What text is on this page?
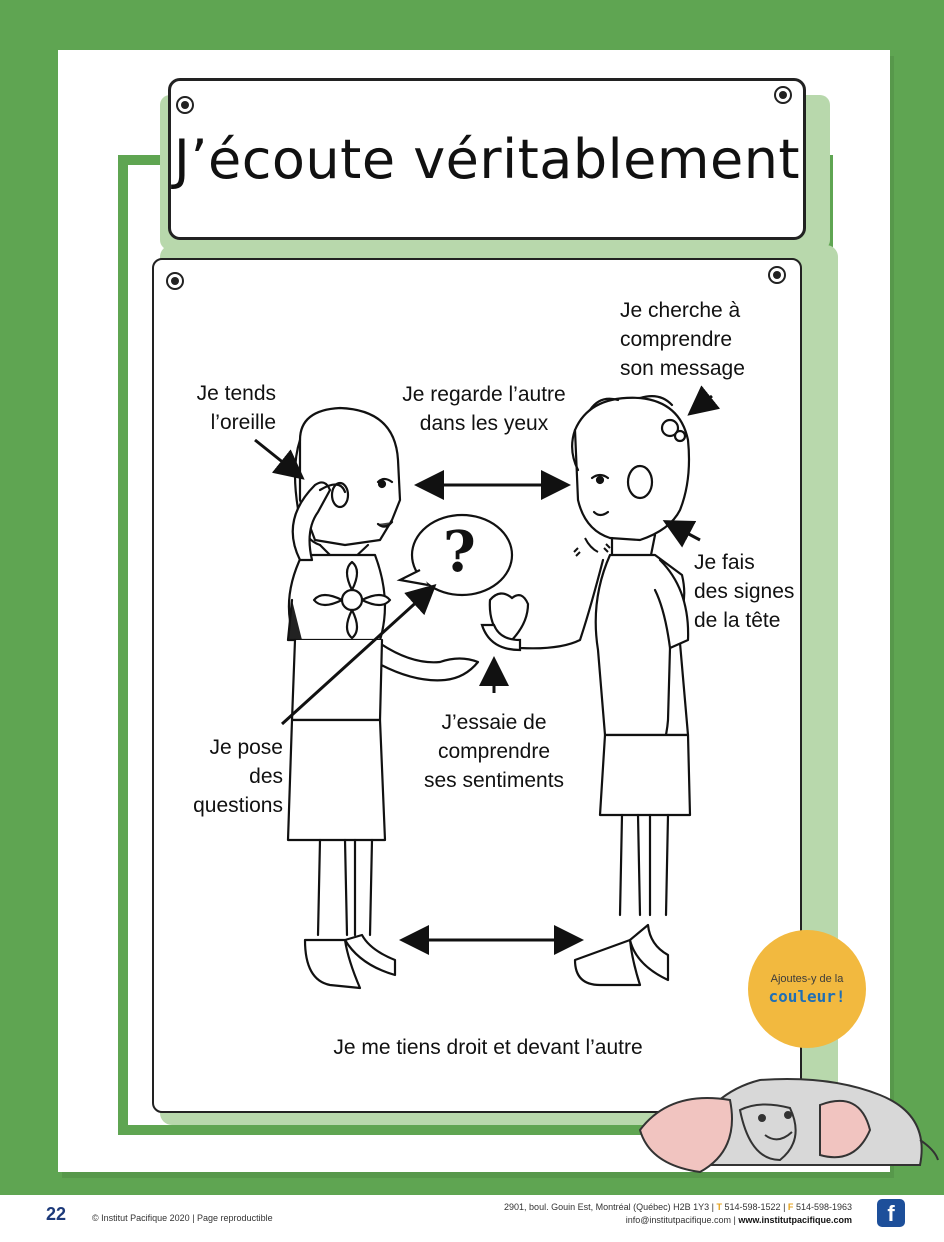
J’écoute véritablement
?
Je tends
l’oreille
Je regarde l’autre
dans les yeux
Je cherche à
comprendre
son message
Je fais
des signes
de la tête
J’essaie de
comprendre
ses sentiments
Je pose
des
questions
Je me tiens droit et devant l’autre
Ajoutes-y de la
couleur!
22	© Institut Pacifique 2020 | Page reproductible
2901, boul. Gouin Est, Montréal (Québec) H2B 1Y3 | T 514-598-1522 | F 514-598-1963
info@institutpacifique.com | www.institutpacifique.com	f
